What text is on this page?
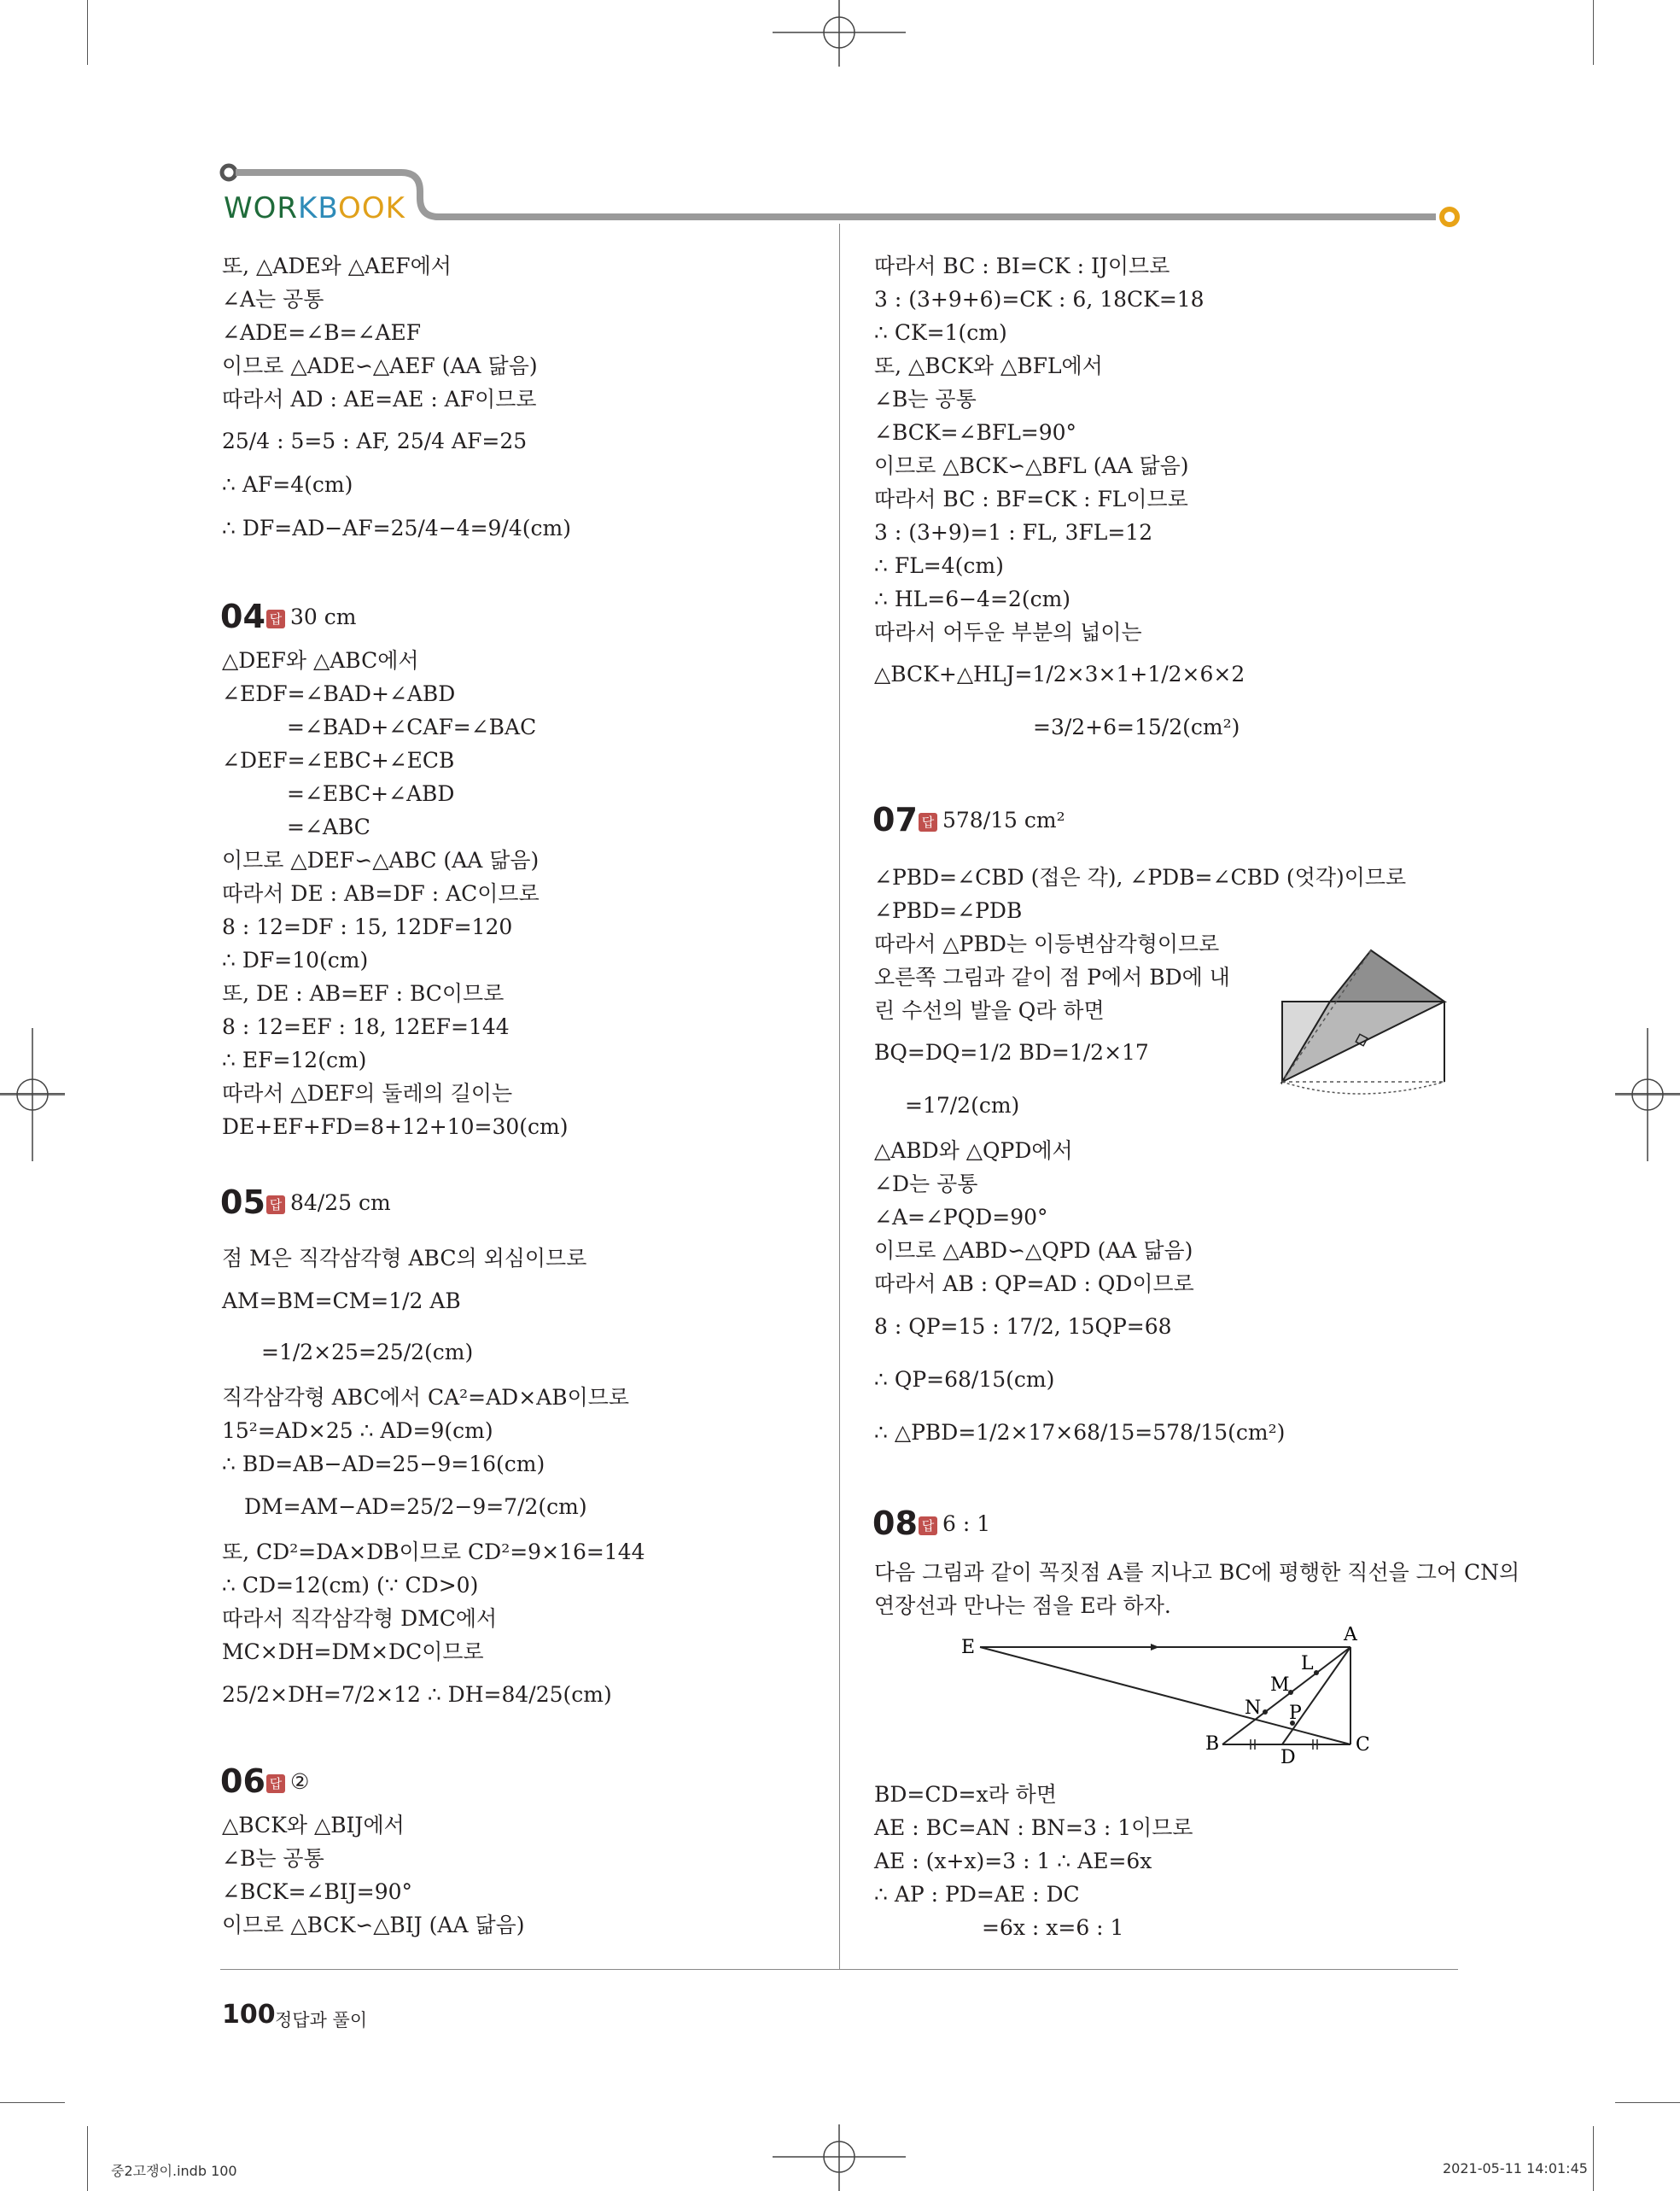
WORKBOOK
또, △ADE와 △AEF에서
∠A는 공통
∠ADE=∠B=∠AEF
이므로 △ADE∽△AEF (AA 닮음)
따라서 AD : AE=AE : AF이므로
25/4 : 5=5 : AF, 25/4 AF=25
∴ AF=4(cm)
∴ DF=AD−AF=25/4−4=9/4(cm)
04 답 30 cm
△DEF와 △ABC에서
∠EDF=∠BAD+∠ABD
=∠BAD+∠CAF=∠BAC
∠DEF=∠EBC+∠ECB
=∠EBC+∠ABD
=∠ABC
이므로 △DEF∽△ABC (AA 닮음)
따라서 DE : AB=DF : AC이므로
8 : 12=DF : 15, 12DF=120
∴ DF=10(cm)
또, DE : AB=EF : BC이므로
8 : 12=EF : 18, 12EF=144
∴ EF=12(cm)
따라서 △DEF의 둘레의 길이는
DE+EF+FD=8+12+10=30(cm)
05 답 84/25 cm
점 M은 직각삼각형 ABC의 외심이므로
AM=BM=CM=1/2 AB
=1/2×25=25/2(cm)
직각삼각형 ABC에서 CA²=AD×AB이므로
15²=AD×25 ∴ AD=9(cm)
∴ BD=AB−AD=25−9=16(cm)
DM=AM−AD=25/2−9=7/2(cm)
또, CD²=DA×DB이므로 CD²=9×16=144
∴ CD=12(cm) (∵ CD>0)
따라서 직각삼각형 DMC에서
MC×DH=DM×DC이므로
25/2×DH=7/2×12 ∴ DH=84/25(cm)
06 답 ②
△BCK와 △BIJ에서
∠B는 공통
∠BCK=∠BIJ=90°
이므로 △BCK∽△BIJ (AA 닮음)
따라서 BC : BI=CK : IJ이므로
3 : (3+9+6)=CK : 6, 18CK=18
∴ CK=1(cm)
또, △BCK와 △BFL에서
∠B는 공통
∠BCK=∠BFL=90°
이므로 △BCK∽△BFL (AA 닮음)
따라서 BC : BF=CK : FL이므로
3 : (3+9)=1 : FL, 3FL=12
∴ FL=4(cm)
∴ HL=6−4=2(cm)
따라서 어두운 부분의 넓이는
△BCK+△HLJ=1/2×3×1+1/2×6×2
=3/2+6=15/2(cm²)
07 답 578/15 cm²
∠PBD=∠CBD (접은 각), ∠PDB=∠CBD (엇각)이므로
∠PBD=∠PDB
따라서 △PBD는 이등변삼각형이므로
오른쪽 그림과 같이 점 P에서 BD에 내
린 수선의 발을 Q라 하면
BQ=DQ=1/2 BD=1/2×17
=17/2(cm)
△ABD와 △QPD에서
∠D는 공통
∠A=∠PQD=90°
이므로 △ABD∽△QPD (AA 닮음)
따라서 AB : QP=AD : QD이므로
8 : QP=15 : 17/2, 15QP=68
∴ QP=68/15(cm)
∴ △PBD=1/2×17×68/15=578/15(cm²)
08 답 6 : 1
다음 그림과 같이 꼭짓점 A를 지나고 BC에 평행한 직선을 그어 CN의
연장선과 만나는 점을 E라 하자.
E
A
L
M
N P
B
D
C
BD=CD=x라 하면
AE : BC=AN : BN=3 : 1이므로
AE : (x+x)=3 : 1 ∴ AE=6x
∴ AP : PD=AE : DC
=6x : x=6 : 1
100 정답과 풀이
중2고쟁이.indb 100	2021-05-11 14:01:45
